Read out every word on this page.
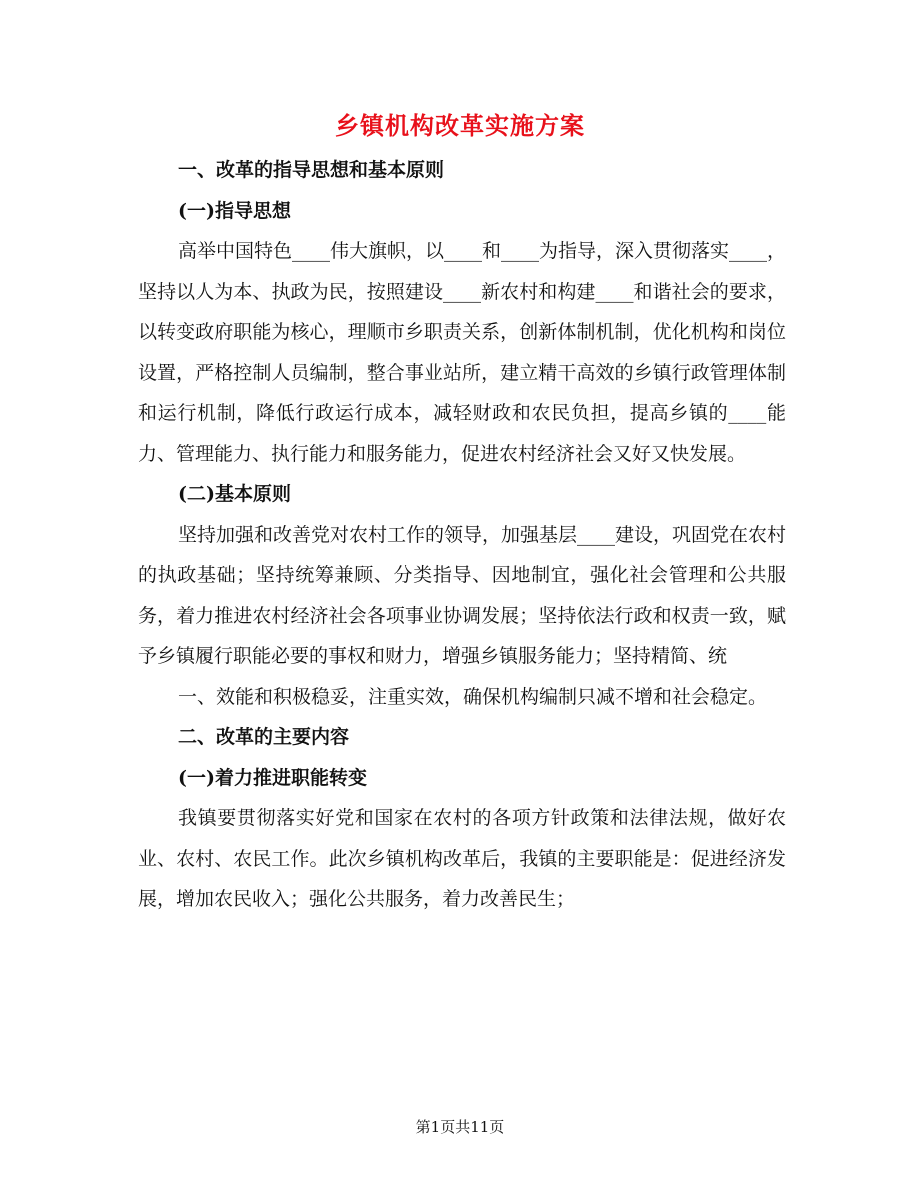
乡镇机构改革实施方案

一、改革的指导思想和基本原则

(一)指导思想

高举中国特色____伟大旗帜，以____和____为指导，深入贯彻落实____，坚持以人为本、执政为民，按照建设____新农村和构建____和谐社会的要求，以转变政府职能为核心，理顺市乡职责关系，创新体制机制，优化机构和岗位设置，严格控制人员编制，整合事业站所，建立精干高效的乡镇行政管理体制和运行机制，降低行政运行成本，减轻财政和农民负担，提高乡镇的____能力、管理能力、执行能力和服务能力，促进农村经济社会又好又快发展。

(二)基本原则

坚持加强和改善党对农村工作的领导，加强基层____建设，巩固党在农村的执政基础；坚持统筹兼顾、分类指导、因地制宜，强化社会管理和公共服务，着力推进农村经济社会各项事业协调发展；坚持依法行政和权责一致，赋予乡镇履行职能必要的事权和财力，增强乡镇服务能力；坚持精简、统

一、效能和积极稳妥，注重实效，确保机构编制只减不增和社会稳定。

二、改革的主要内容

(一)着力推进职能转变

我镇要贯彻落实好党和国家在农村的各项方针政策和法律法规，做好农业、农村、农民工作。此次乡镇机构改革后，我镇的主要职能是：促进经济发展，增加农民收入；强化公共服务，着力改善民生；

第1页共11页
